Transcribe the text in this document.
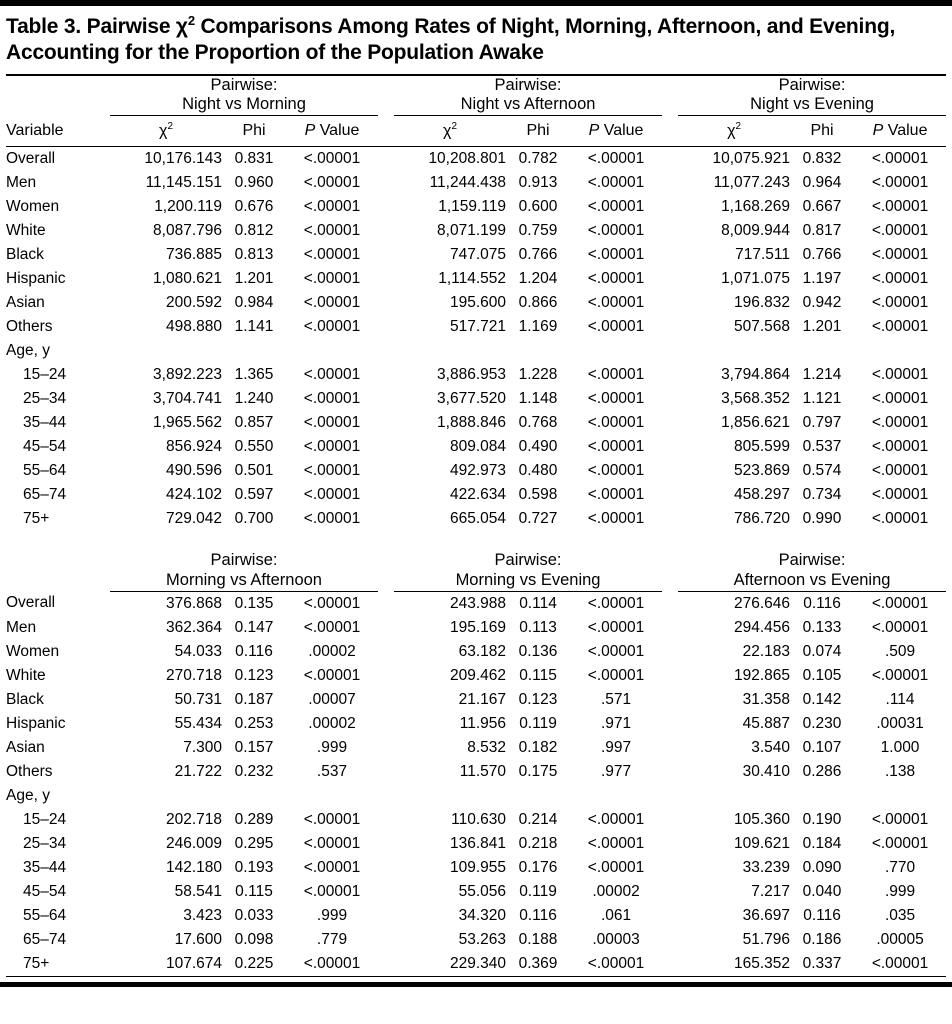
Table 3. Pairwise $\chi^2$ Comparisons Among Rates of Night, Morning, Afternoon, and Evening, Accounting for the Proportion of the Population Awake

Pairwise:
Night vs Morning

Pairwise:
Night vs Afternoon

Pairwise:
Night vs Evening

Variable	$\chi^2$	Phi	P Value		$\chi^2$	Phi	P Value		$\chi^2$	Phi	P Value
Overall	10,176.143	0.831	<.00001		10,208.801	0.782	<.00001		10,075.921	0.832	<.00001
Men	11,145.151	0.960	<.00001		11,244.438	0.913	<.00001		11,077.243	0.964	<.00001
Women	1,200.119	0.676	<.00001		1,159.119	0.600	<.00001		1,168.269	0.667	<.00001
White	8,087.796	0.812	<.00001		8,071.199	0.759	<.00001		8,009.944	0.817	<.00001
Black	736.885	0.813	<.00001		747.075	0.766	<.00001		717.511	0.766	<.00001
Hispanic	1,080.621	1.201	<.00001		1,114.552	1.204	<.00001		1,071.075	1.197	<.00001
Asian	200.592	0.984	<.00001		195.600	0.866	<.00001		196.832	0.942	<.00001
Others	498.880	1.141	<.00001		517.721	1.169	<.00001		507.568	1.201	<.00001
Age, y											
15–24	3,892.223	1.365	<.00001		3,886.953	1.228	<.00001		3,794.864	1.214	<.00001
25–34	3,704.741	1.240	<.00001		3,677.520	1.148	<.00001		3,568.352	1.121	<.00001
35–44	1,965.562	0.857	<.00001		1,888.846	0.768	<.00001		1,856.621	0.797	<.00001
45–54	856.924	0.550	<.00001		809.084	0.490	<.00001		805.599	0.537	<.00001
55–64	490.596	0.501	<.00001		492.973	0.480	<.00001		523.869	0.574	<.00001
65–74	424.102	0.597	<.00001		422.634	0.598	<.00001		458.297	0.734	<.00001
75+	729.042	0.700	<.00001		665.054	0.727	<.00001		786.720	0.990	<.00001

Pairwise:
Morning vs Afternoon

Pairwise:
Morning vs Evening

Pairwise:
Afternoon vs Evening

Overall	376.868	0.135	<.00001		243.988	0.114	<.00001		276.646	0.116	<.00001
Men	362.364	0.147	<.00001		195.169	0.113	<.00001		294.456	0.133	<.00001
Women	54.033	0.116	.00002		63.182	0.136	<.00001		22.183	0.074	.509
White	270.718	0.123	<.00001		209.462	0.115	<.00001		192.865	0.105	<.00001
Black	50.731	0.187	.00007		21.167	0.123	.571		31.358	0.142	.114
Hispanic	55.434	0.253	.00002		11.956	0.119	.971		45.887	0.230	.00031
Asian	7.300	0.157	.999		8.532	0.182	.997		3.540	0.107	1.000
Others	21.722	0.232	.537		11.570	0.175	.977		30.410	0.286	.138
Age, y											
15–24	202.718	0.289	<.00001		110.630	0.214	<.00001		105.360	0.190	<.00001
25–34	246.009	0.295	<.00001		136.841	0.218	<.00001		109.621	0.184	<.00001
35–44	142.180	0.193	<.00001		109.955	0.176	<.00001		33.239	0.090	.770
45–54	58.541	0.115	<.00001		55.056	0.119	.00002		7.217	0.040	.999
55–64	3.423	0.033	.999		34.320	0.116	.061		36.697	0.116	.035
65–74	17.600	0.098	.779		53.263	0.188	.00003		51.796	0.186	.00005
75+	107.674	0.225	<.00001		229.340	0.369	<.00001		165.352	0.337	<.00001
